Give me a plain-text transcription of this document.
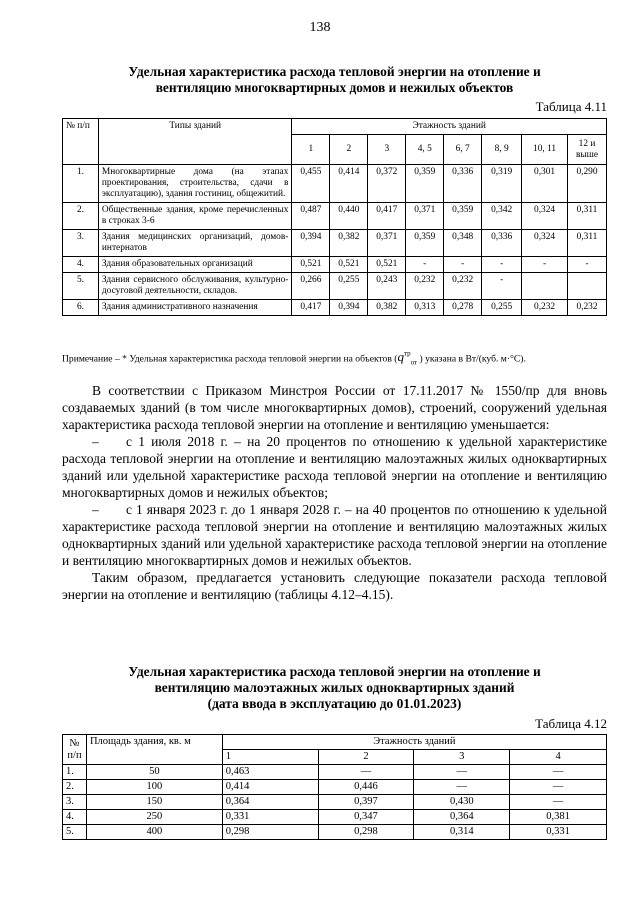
138
Удельная характеристика расхода тепловой энергии на отопление и
вентиляцию многоквартирных домов и нежилых объектов
Таблица 4.11
№ п/п	Типы зданий	Этажность зданий							
		1	2	3	4, 5	6, 7	8, 9	10, 11	12 и выше
1.	Многоквартирные дома (на этапах проектирования, строительства, сдачи в эксплуатацию), здания гостиниц, общежитий.	0,455	0,414	0,372	0,359	0,336	0,319	0,301	0,290
2.	Общественные здания, кроме перечисленных в строках 3-6	0,487	0,440	0,417	0,371	0,359	0,342	0,324	0,311
3.	Здания медицинских организаций, домов-интернатов	0,394	0,382	0,371	0,359	0,348	0,336	0,324	0,311
4.	Здания образовательных организаций	0,521	0,521	0,521	-	-	-	-	-
5.	Здания сервисного обслуживания, культурно-досуговой деятельности, складов.	0,266	0,255	0,243	0,232	0,232	-		
6.	Здания административного назначения	0,417	0,394	0,382	0,313	0,278	0,255	0,232	0,232
Примечание – * Удельная характеристика расхода тепловой энергии на объектов ($q^{тр}_{от}$ ) указана в Вт/(куб. м·°С).

В соответствии с Приказом Минстроя России от 17.11.2017 № 1550/пр для вновь создаваемых зданий (в том числе многоквартирных домов), строений, сооружений удельная характеристика расхода тепловой энергии на отопление и вентиляцию уменьшается:

– с 1 июля 2018 г. – на 20 процентов по отношению к удельной характеристике расхода тепловой энергии на отопление и вентиляцию малоэтажных жилых одноквартирных зданий или удельной характеристике расхода тепловой энергии на отопление и вентиляцию многоквартирных домов и нежилых объектов;

– с 1 января 2023 г. до 1 января 2028 г. – на 40 процентов по отношению к удельной характеристике расхода тепловой энергии на отопление и вентиляцию малоэтажных жилых одноквартирных зданий или удельной характеристике расхода тепловой энергии на отопление и вентиляцию многоквартирных домов и нежилых объектов.

Таким образом, предлагается установить следующие показатели расхода тепловой энергии на отопление и вентиляцию (таблицы 4.12–4.15).

Удельная характеристика расхода тепловой энергии на отопление и
вентиляцию малоэтажных жилых одноквартирных зданий
(дата ввода в эксплуатацию до 01.01.2023)
Таблица 4.12
№ п/п	Площадь здания, кв. м	Этажность зданий			
		1	2	3	4
1.	50	0,463	—	—	—
2.	100	0,414	0,446	—	—
3.	150	0,364	0,397	0,430	—
4.	250	0,331	0,347	0,364	0,381
5.	400	0,298	0,298	0,314	0,331
